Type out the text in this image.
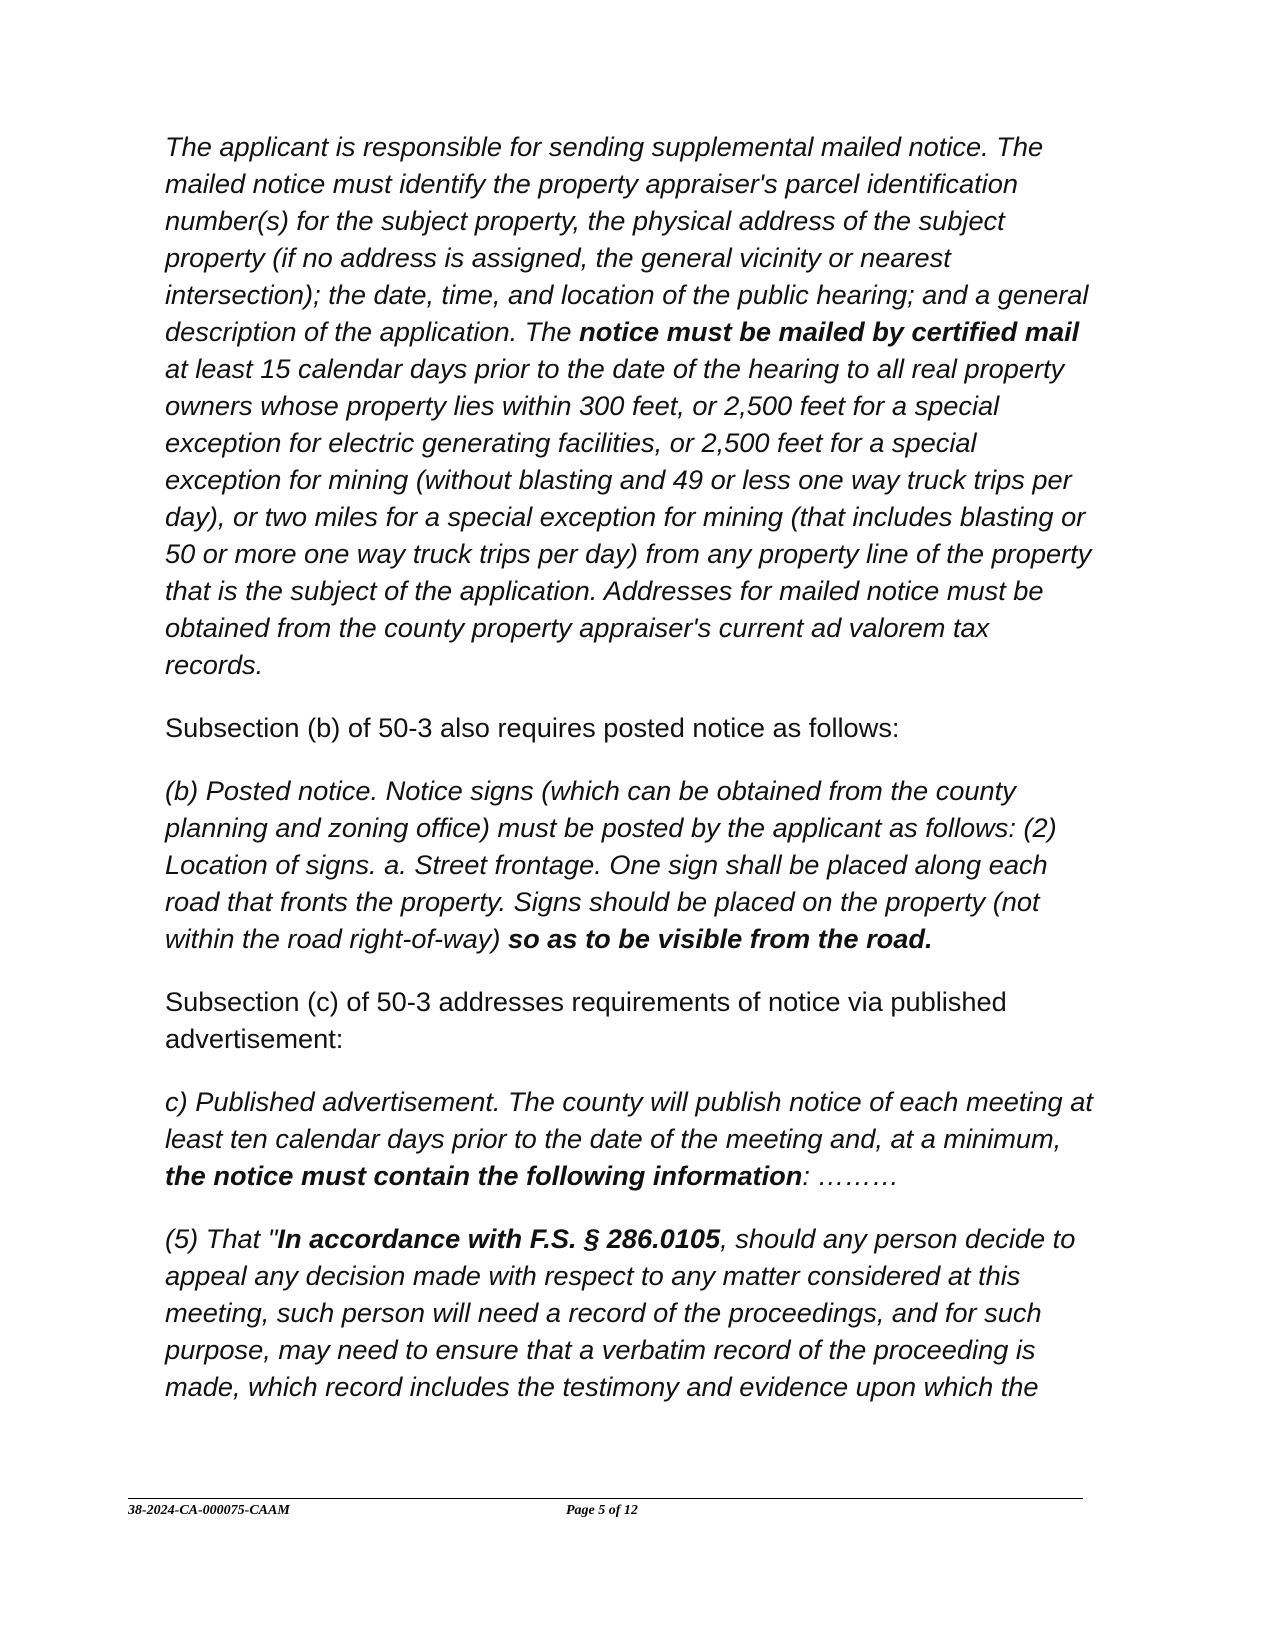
The applicant is responsible for sending supplemental mailed notice. The mailed notice must identify the property appraiser's parcel identification number(s) for the subject property, the physical address of the subject property (if no address is assigned, the general vicinity or nearest intersection); the date, time, and location of the public hearing; and a general description of the application. The notice must be mailed by certified mail at least 15 calendar days prior to the date of the hearing to all real property owners whose property lies within 300 feet, or 2,500 feet for a special exception for electric generating facilities, or 2,500 feet for a special exception for mining (without blasting and 49 or less one way truck trips per day), or two miles for a special exception for mining (that includes blasting or 50 or more one way truck trips per day) from any property line of the property that is the subject of the application. Addresses for mailed notice must be obtained from the county property appraiser's current ad valorem tax records.

Subsection (b) of 50-3 also requires posted notice as follows:

(b) Posted notice. Notice signs (which can be obtained from the county planning and zoning office) must be posted by the applicant as follows: (2) Location of signs. a. Street frontage. One sign shall be placed along each road that fronts the property. Signs should be placed on the property (not within the road right-of-way) so as to be visible from the road.

Subsection (c) of 50-3 addresses requirements of notice via published advertisement:

c) Published advertisement. The county will publish notice of each meeting at least ten calendar days prior to the date of the meeting and, at a minimum, the notice must contain the following information: ………

(5) That "In accordance with F.S. § 286.0105, should any person decide to appeal any decision made with respect to any matter considered at this meeting, such person will need a record of the proceedings, and for such purpose, may need to ensure that a verbatim record of the proceeding is made, which record includes the testimony and evidence upon which the

38-2024-CA-000075-CAAM	Page 5 of 12
